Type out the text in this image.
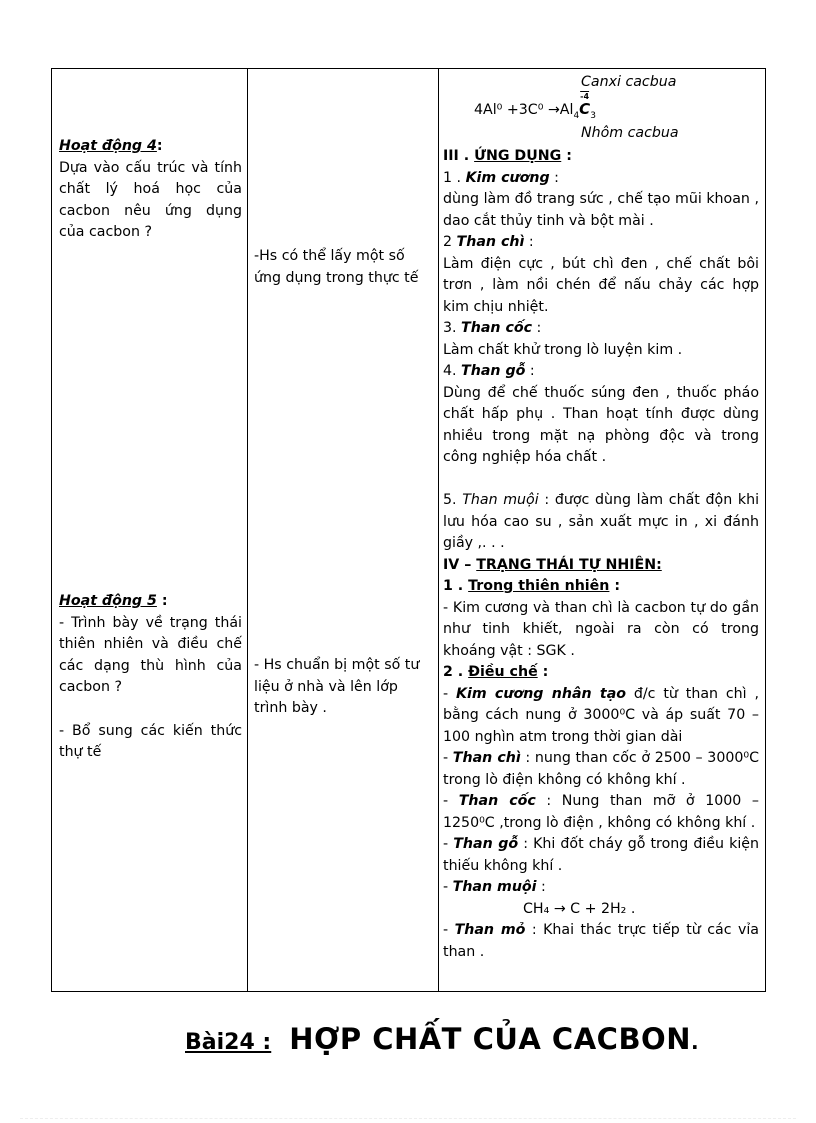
Hoạt động 4:
Dựa vào cấu trúc và tính chất lý hoá học của cacbon nêu ứng dụng của cacbon ?
Hoạt động 5 :
- Trình bày về trạng thái thiên nhiên và điều chế các dạng thù hình của cacbon ?
- Bổ sung các kiến thức thự tế
-Hs có thể lấy một số ứng dụng trong thực tế
- Hs chuẩn bị một số tư liệu ở nhà và lên lớp trình bày .
Canxi cacbua
$4Al^0 +3C^0 \to Al_4C$
-4
$_3$
Nhôm cacbua
III . ỨNG DỤNG :
1 . Kim cương :
dùng làm đồ trang sức , chế tạo mũi khoan , dao cắt thủy tinh và bột mài .
2 Than chì :
Làm điện cực , bút chì đen , chế chất bôi trơn , làm nồi chén để nấu chảy các hợp kim chịu nhiệt.
3. Than cốc :
Làm chất khử trong lò luyện kim .
4. Than gỗ :
Dùng để chế thuốc súng đen , thuốc pháo chất hấp phụ . Than hoạt tính được dùng nhiều trong mặt nạ phòng độc và trong công nghiệp hóa chất .
5. Than muội : được dùng làm chất độn khi lưu hóa cao su , sản xuất mực in , xi đánh giầy ,. . .
IV – TRẠNG THÁI TỰ NHIÊN:
1 . Trong thiên nhiên :
- Kim cương và than chì là cacbon tự do gần như tinh khiết, ngoài ra còn có trong khoáng vật : SGK .
2 . Điều chế :
- Kim cương nhân tạo đ/c từ than chì , bằng cách nung ở 3000⁰C và áp suất 70 – 100 nghìn atm trong thời gian dài
- Than chì : nung than cốc ở 2500 – 3000⁰C trong lò điện không có không khí .
- Than cốc : Nung than mỡ ở 1000 – 1250⁰C ,trong lò điện , không có không khí .
- Than gỗ : Khi đốt cháy gỗ trong điều kiện thiếu không khí .
- Than muội :
CH₄ → C + 2H₂ .
- Than mỏ : Khai thác trực tiếp từ các vỉa than .
Bài24 : HỢP CHẤT CỦA CACBON.
